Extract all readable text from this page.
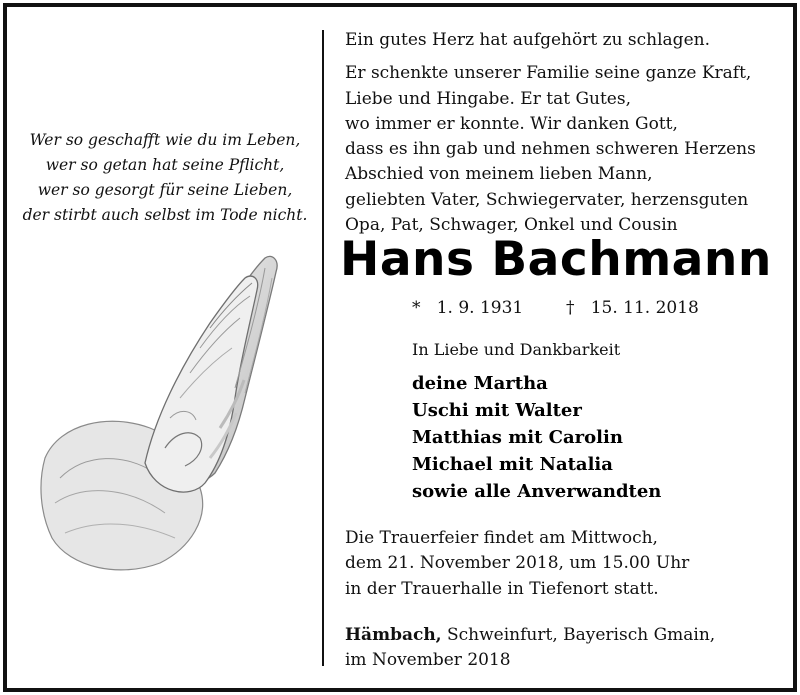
Wer so geschafft wie du im Leben,
wer so getan hat seine Pflicht,
wer so gesorgt für seine Lieben,
der stirbt auch selbst im Tode nicht.
Ein gutes Herz hat aufgehört zu schlagen.
Er schenkte unserer Familie seine ganze Kraft,
Liebe und Hingabe. Er tat Gutes,
wo immer er konnte. Wir danken Gott,
dass es ihn gab und nehmen schweren Herzens
Abschied von meinem lieben Mann,
geliebten Vater, Schwiegervater, herzensguten
Opa, Pat, Schwager, Onkel und Cousin
Hans Bachmann
* 1. 9. 1931	† 15. 11. 2018
In Liebe und Dankbarkeit
deine Martha
Uschi mit Walter
Matthias mit Carolin
Michael mit Natalia
sowie alle Anverwandten
Die Trauerfeier findet am Mittwoch,
dem 21. November 2018, um 15.00 Uhr
in der Trauerhalle in Tiefenort statt.
Hämbach, Schweinfurt, Bayerisch Gmain,
im November 2018
